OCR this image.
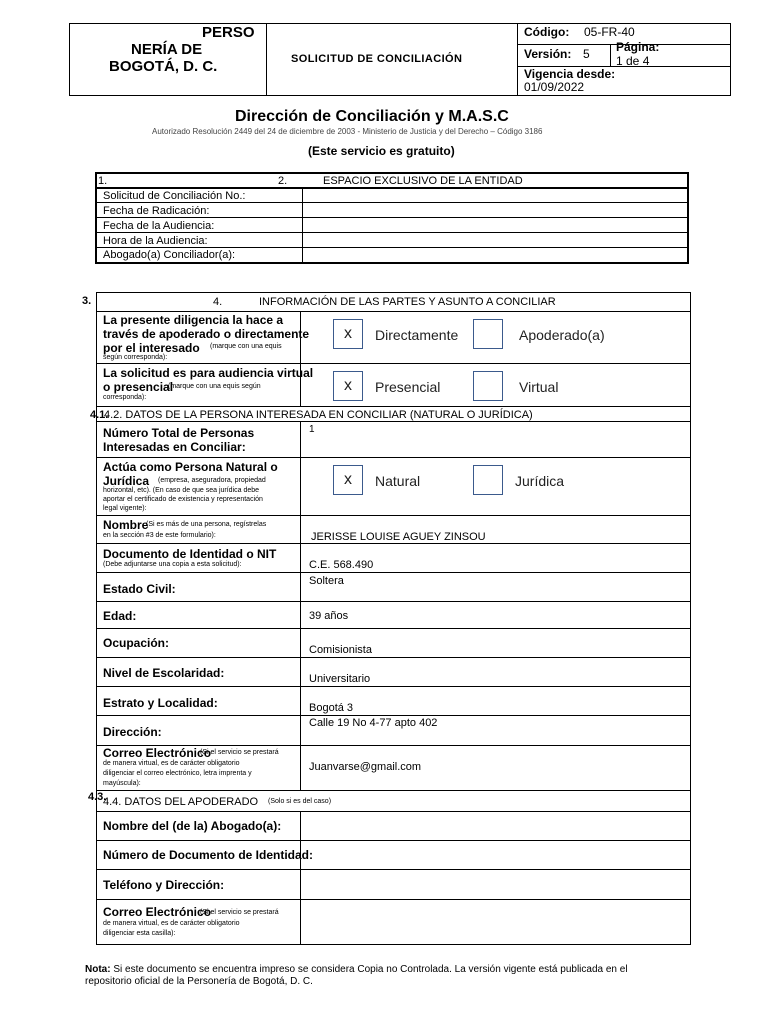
PERSO
NERÍA DE
BOGOTÁ, D. C.	SOLICITUD DE CONCILIACIÓN
Código: 05-FR-40
Versión: 5 Página:
1 de 4
Vigencia desde:
01/09/2022
Dirección de Conciliación y M.A.S.C
Autorizado Resolución 2449 del 24 de diciembre de 2003 - Ministerio de Justicia y del Derecho – Código 3186
(Este servicio es gratuito)
1.	2.	ESPACIO EXCLUSIVO DE LA ENTIDAD
Solicitud de Conciliación No.:
Fecha de Radicación:
Fecha de la Audiencia:
Hora de la Audiencia:
Abogado(a) Conciliador(a):
3.	4.	INFORMACIÓN DE LAS PARTES Y ASUNTO A CONCILIAR
La presente diligencia la hace a
través de apoderado o directamente
por el interesado (marque con una equis
según corresponda):
x	Directamente	Apoderado(a)
La solicitud es para audiencia virtual
o presencial
(marque con una equis según
corresponda):
x	Presencial	Virtual
4.1.
4.2. DATOS DE LA PERSONA INTERESADA EN CONCILIAR (NATURAL O JURÍDICA)
Número Total de Personas
Interesadas en Conciliar:
1
Actúa como Persona Natural o
Jurídica (empresa, aseguradora, propiedad
horizontal, etc). (En caso de que sea jurídica debe
aportar el certificado de existencia y representación
legal vigente):
x	Natural	Jurídica
Nombre
(Si es más de una persona, regístrelas
en la sección #3 de este formulario):	JERISSE LOUISE AGUEY ZINSOU
Documento de Identidad o NIT
(Debe adjuntarse una copia a esta solicitud):	C.E. 568.490
Estado Civil:
Soltera
Edad:	39 años
Ocupación:	Comisionista
Nivel de Escolaridad:	Universitario
Estrato y Localidad:	Bogotá 3
Dirección:
Calle 19 No 4-77 apto 402
Correo Electrónico
(Si el servicio se prestará
de manera virtual, es de carácter obligatorio
diligenciar el correo electrónico, letra imprenta y
mayúscula):
Juanvarse@gmail.com
4.3.
4.4. DATOS DEL APODERADO (Solo si es del caso)
Nombre del (de la) Abogado(a):
Número de Documento de Identidad:
Teléfono y Dirección:
Correo Electrónico
(Si el servicio se prestará
de manera virtual, es de carácter obligatorio
diligenciar esta casilla):
Nota: Si este documento se encuentra impreso se considera Copia no Controlada. La versión vigente está publicada en el
repositorio oficial de la Personería de Bogotá, D. C.
